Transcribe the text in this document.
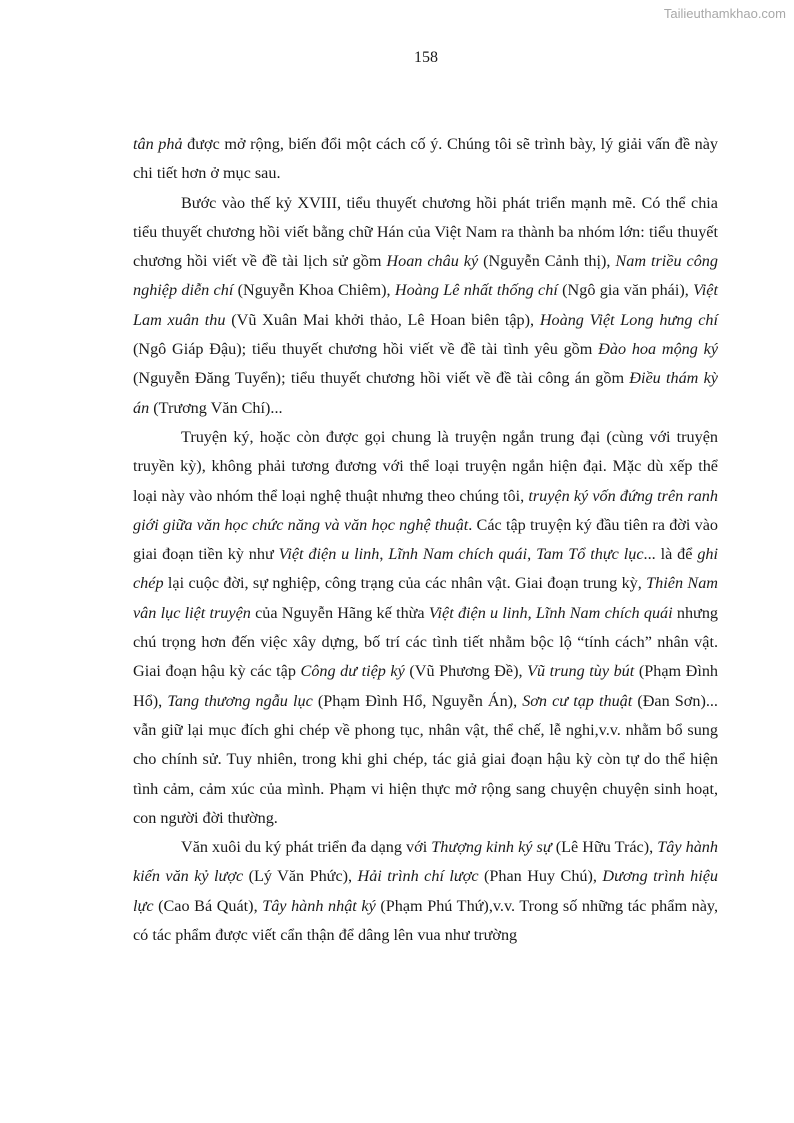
Tailieuthamkhao.com
158

tân phả được mở rộng, biến đổi một cách cố ý. Chúng tôi sẽ trình bày, lý giải vấn đề này chi tiết hơn ở mục sau.

Bước vào thế kỷ XVIII, tiểu thuyết chương hồi phát triển mạnh mẽ. Có thể chia tiểu thuyết chương hồi viết bằng chữ Hán của Việt Nam ra thành ba nhóm lớn: tiểu thuyết chương hồi viết về đề tài lịch sử gồm Hoan châu ký (Nguyễn Cảnh thị), Nam triều công nghiệp diễn chí (Nguyễn Khoa Chiêm), Hoàng Lê nhất thống chí (Ngô gia văn phái), Việt Lam xuân thu (Vũ Xuân Mai khởi thảo, Lê Hoan biên tập), Hoàng Việt Long hưng chí (Ngô Giáp Đậu); tiểu thuyết chương hồi viết về đề tài tình yêu gồm Đào hoa mộng ký (Nguyễn Đăng Tuyển); tiểu thuyết chương hồi viết về đề tài công án gồm Điều thám kỳ án (Trương Văn Chí)...

Truyện ký, hoặc còn được gọi chung là truyện ngắn trung đại (cùng với truyện truyền kỳ), không phải tương đương với thể loại truyện ngắn hiện đại. Mặc dù xếp thể loại này vào nhóm thể loại nghệ thuật nhưng theo chúng tôi, truyện ký vốn đứng trên ranh giới giữa văn học chức năng và văn học nghệ thuật. Các tập truyện ký đầu tiên ra đời vào giai đoạn tiền kỳ như Việt điện u linh, Lĩnh Nam chích quái, Tam Tổ thực lục... là để ghi chép lại cuộc đời, sự nghiệp, công trạng của các nhân vật. Giai đoạn trung kỳ, Thiên Nam vân lục liệt truyện của Nguyễn Hãng kế thừa Việt điện u linh, Lĩnh Nam chích quái nhưng chú trọng hơn đến việc xây dựng, bố trí các tình tiết nhằm bộc lộ “tính cách” nhân vật. Giai đoạn hậu kỳ các tập Công dư tiệp ký (Vũ Phương Đề), Vũ trung tùy bút (Phạm Đình Hổ), Tang thương ngẫu lục (Phạm Đình Hổ, Nguyễn Án), Sơn cư tạp thuật (Đan Sơn)... vẫn giữ lại mục đích ghi chép về phong tục, nhân vật, thể chế, lễ nghi,v.v. nhằm bổ sung cho chính sử. Tuy nhiên, trong khi ghi chép, tác giả giai đoạn hậu kỳ còn tự do thể hiện tình cảm, cảm xúc của mình. Phạm vi hiện thực mở rộng sang chuyện chuyện sinh hoạt, con người đời thường.

Văn xuôi du ký phát triển đa dạng với Thượng kinh ký sự (Lê Hữu Trác), Tây hành kiến văn kỷ lược (Lý Văn Phức), Hải trình chí lược (Phan Huy Chú), Dương trình hiệu lực (Cao Bá Quát), Tây hành nhật ký (Phạm Phú Thứ),v.v. Trong số những tác phẩm này, có tác phẩm được viết cẩn thận để dâng lên vua như trường
